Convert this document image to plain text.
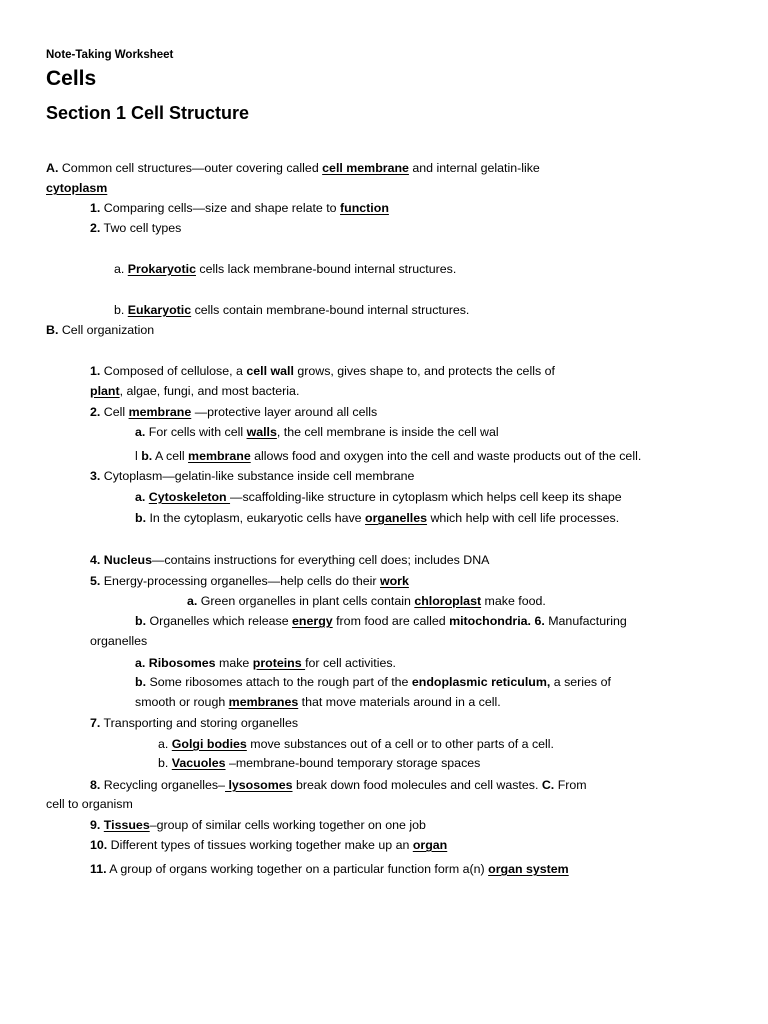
Note-Taking Worksheet
Cells
Section 1 Cell Structure
A. Common cell structures—outer covering called cell membrane and internal gelatin-like
cytoplasm
1. Comparing cells—size and shape relate to function
2. Two cell types
a. Prokaryotic cells lack membrane-bound internal structures.
b. Eukaryotic cells contain membrane-bound internal structures.
B. Cell organization
1. Composed of cellulose, a cell wall grows, gives shape to, and protects the cells of
plant, algae, fungi, and most bacteria.
2. Cell membrane —protective layer around all cells
a. For cells with cell walls, the cell membrane is inside the cell wal
l b. A cell membrane allows food and oxygen into the cell and waste products out of the cell.
3. Cytoplasm—gelatin-like substance inside cell membrane
a. Cytoskeleton —scaffolding-like structure in cytoplasm which helps cell keep its shape
b. In the cytoplasm, eukaryotic cells have organelles which help with cell life processes.
4. Nucleus—contains instructions for everything cell does; includes DNA
5. Energy-processing organelles—help cells do their work
a. Green organelles in plant cells contain chloroplast make food.
b. Organelles which release energy from food are called mitochondria. 6. Manufacturing
organelles
a. Ribosomes make proteins for cell activities.
b. Some ribosomes attach to the rough part of the endoplasmic reticulum, a series of
smooth or rough membranes that move materials around in a cell.
7. Transporting and storing organelles
a. Golgi bodies move substances out of a cell or to other parts of a cell.
b. Vacuoles –membrane-bound temporary storage spaces
8. Recycling organelles– lysosomes break down food molecules and cell wastes. C. From
cell to organism
9. Tissues–group of similar cells working together on one job
10. Different types of tissues working together make up an organ
11. A group of organs working together on a particular function form a(n) organ system
